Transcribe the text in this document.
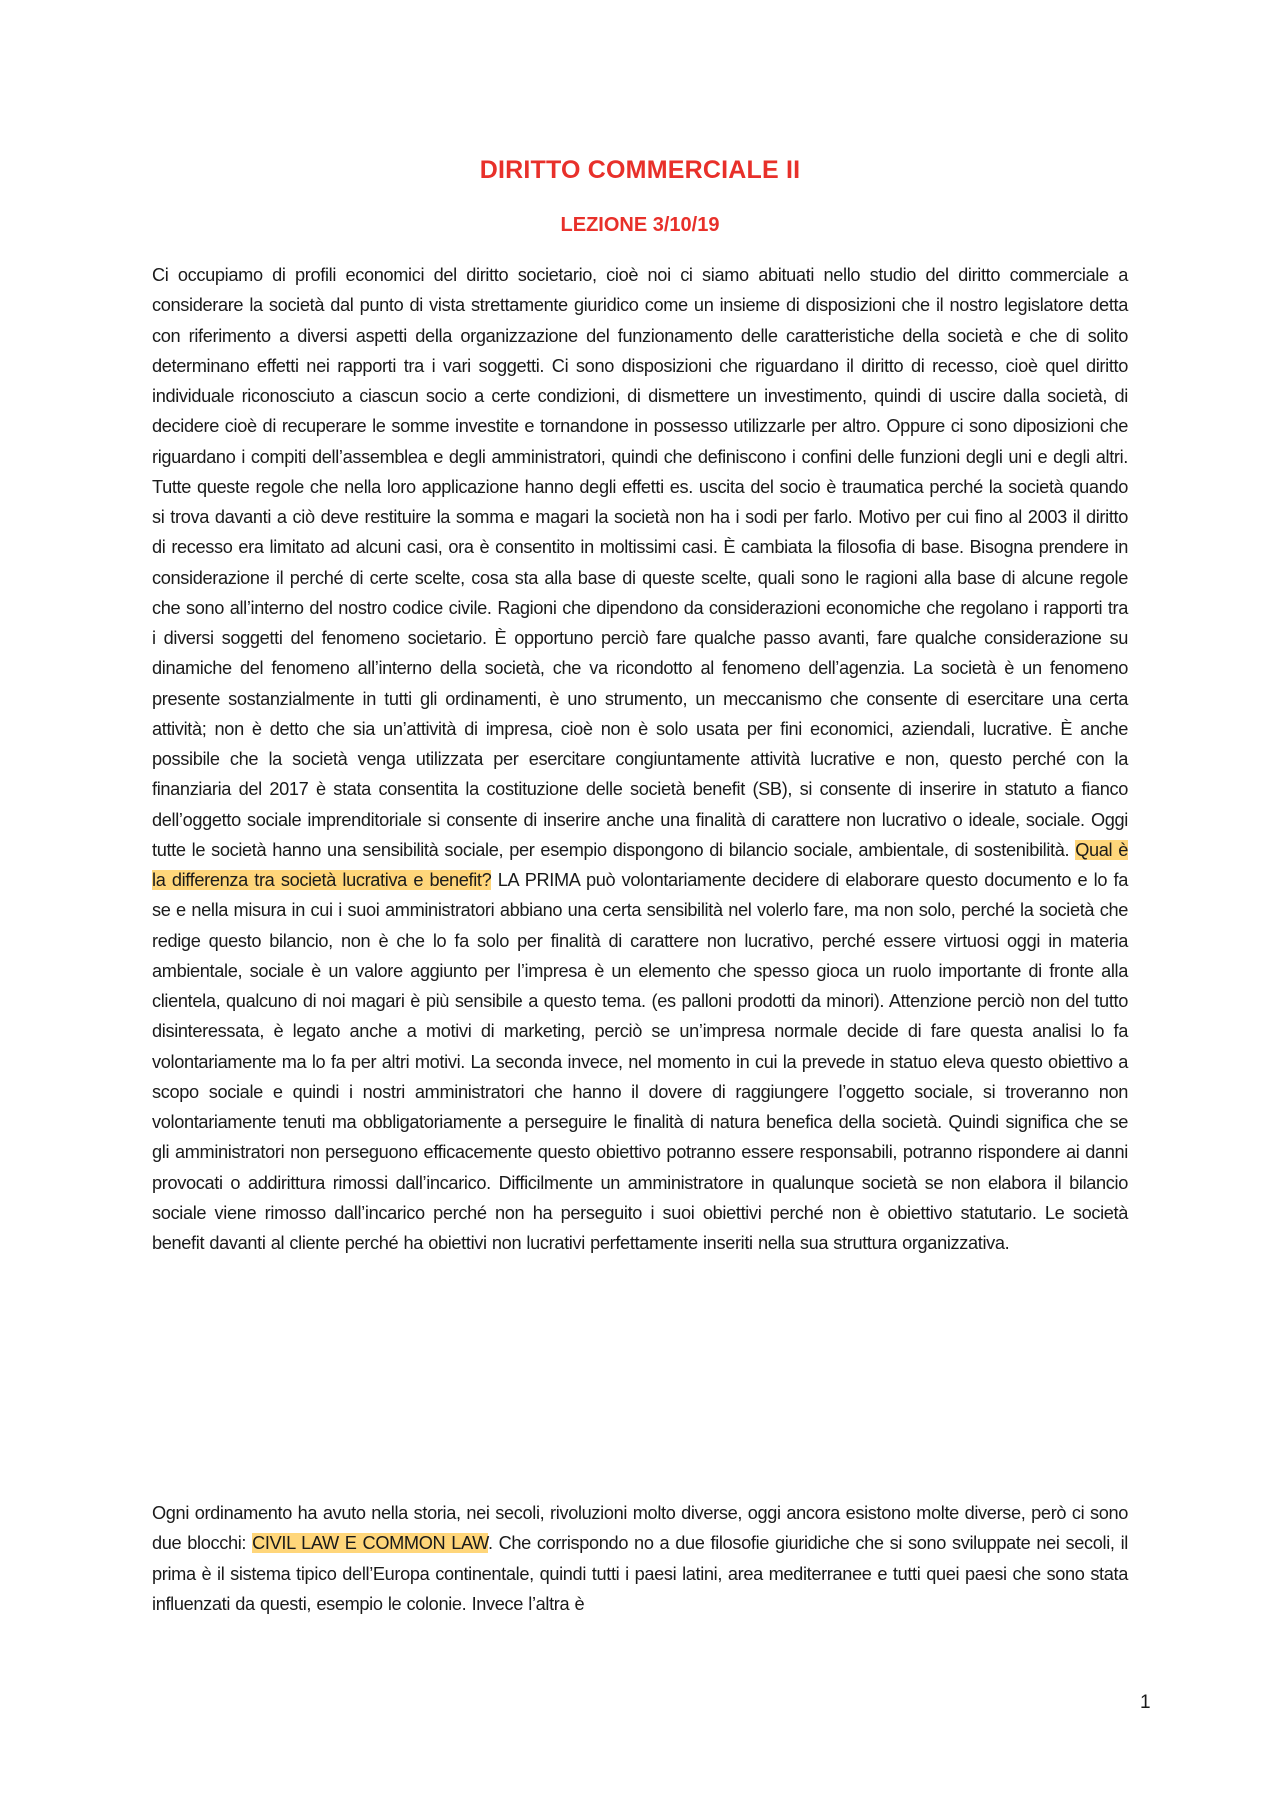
DIRITTO COMMERCIALE II
LEZIONE 3/10/19

Ci occupiamo di profili economici del diritto societario, cioè noi ci siamo abituati nello studio del diritto commerciale a considerare la società dal punto di vista strettamente giuridico come un insieme di disposizioni che il nostro legislatore detta con riferimento a diversi aspetti della organizzazione del funzionamento delle caratteristiche della società e che di solito determinano effetti nei rapporti tra i vari soggetti. Ci sono disposizioni che riguardano il diritto di recesso, cioè quel diritto individuale riconosciuto a ciascun socio a certe condizioni, di dismettere un investimento, quindi di uscire dalla società, di decidere cioè di recuperare le somme investite e tornandone in possesso utilizzarle per altro. Oppure ci sono diposizioni che riguardano i compiti dell’assemblea e degli amministratori, quindi che definiscono i confini delle funzioni degli uni e degli altri. Tutte queste regole che nella loro applicazione hanno degli effetti es. uscita del socio è traumatica perché la società quando si trova davanti a ciò deve restituire la somma e magari la società non ha i sodi per farlo. Motivo per cui fino al 2003 il diritto di recesso era limitato ad alcuni casi, ora è consentito in moltissimi casi. È cambiata la filosofia di base. Bisogna prendere in considerazione il perché di certe scelte, cosa sta alla base di queste scelte, quali sono le ragioni alla base di alcune regole che sono all’interno del nostro codice civile. Ragioni che dipendono da considerazioni economiche che regolano i rapporti tra i diversi soggetti del fenomeno societario. È opportuno perciò fare qualche passo avanti, fare qualche considerazione su dinamiche del fenomeno all’interno della società, che va ricondotto al fenomeno dell’agenzia. La società è un fenomeno presente sostanzialmente in tutti gli ordinamenti, è uno strumento, un meccanismo che consente di esercitare una certa attività; non è detto che sia un’attività di impresa, cioè non è solo usata per fini economici, aziendali, lucrative. È anche possibile che la società venga utilizzata per esercitare congiuntamente attività lucrative e non, questo perché con la finanziaria del 2017 è stata consentita la costituzione delle società benefit (SB), si consente di inserire in statuto a fianco dell’oggetto sociale imprenditoriale si consente di inserire anche una finalità di carattere non lucrativo o ideale, sociale. Oggi tutte le società hanno una sensibilità sociale, per esempio dispongono di bilancio sociale, ambientale, di sostenibilità. Qual è la differenza tra società lucrativa e benefit? LA PRIMA può volontariamente decidere di elaborare questo documento e lo fa se e nella misura in cui i suoi amministratori abbiano una certa sensibilità nel volerlo fare, ma non solo, perché la società che redige questo bilancio, non è che lo fa solo per finalità di carattere non lucrativo, perché essere virtuosi oggi in materia ambientale, sociale è un valore aggiunto per l’impresa è un elemento che spesso gioca un ruolo importante di fronte alla clientela, qualcuno di noi magari è più sensibile a questo tema. (es palloni prodotti da minori). Attenzione perciò non del tutto disinteressata, è legato anche a motivi di marketing, perciò se un’impresa normale decide di fare questa analisi lo fa volontariamente ma lo fa per altri motivi. La seconda invece, nel momento in cui la prevede in statuo eleva questo obiettivo a scopo sociale e quindi i nostri amministratori che hanno il dovere di raggiungere l’oggetto sociale, si troveranno non volontariamente tenuti ma obbligatoriamente a perseguire le finalità di natura benefica della società. Quindi significa che se gli amministratori non perseguono efficacemente questo obiettivo potranno essere responsabili, potranno rispondere ai danni provocati o addirittura rimossi dall’incarico. Difficilmente un amministratore in qualunque società se non elabora il bilancio sociale viene rimosso dall’incarico perché non ha perseguito i suoi obiettivi perché non è obiettivo statutario. Le società benefit davanti al cliente perché ha obiettivi non lucrativi perfettamente inseriti nella sua struttura organizzativa.

Ogni ordinamento ha avuto nella storia, nei secoli, rivoluzioni molto diverse, oggi ancora esistono molte diverse, però ci sono due blocchi: CIVIL LAW E COMMON LAW. Che corrispondo no a due filosofie giuridiche che si sono sviluppate nei secoli, il prima è il sistema tipico dell’Europa continentale, quindi tutti i paesi latini, area mediterranee e tutti quei paesi che sono stata influenzati da questi, esempio le colonie. Invece l’altra è

1
